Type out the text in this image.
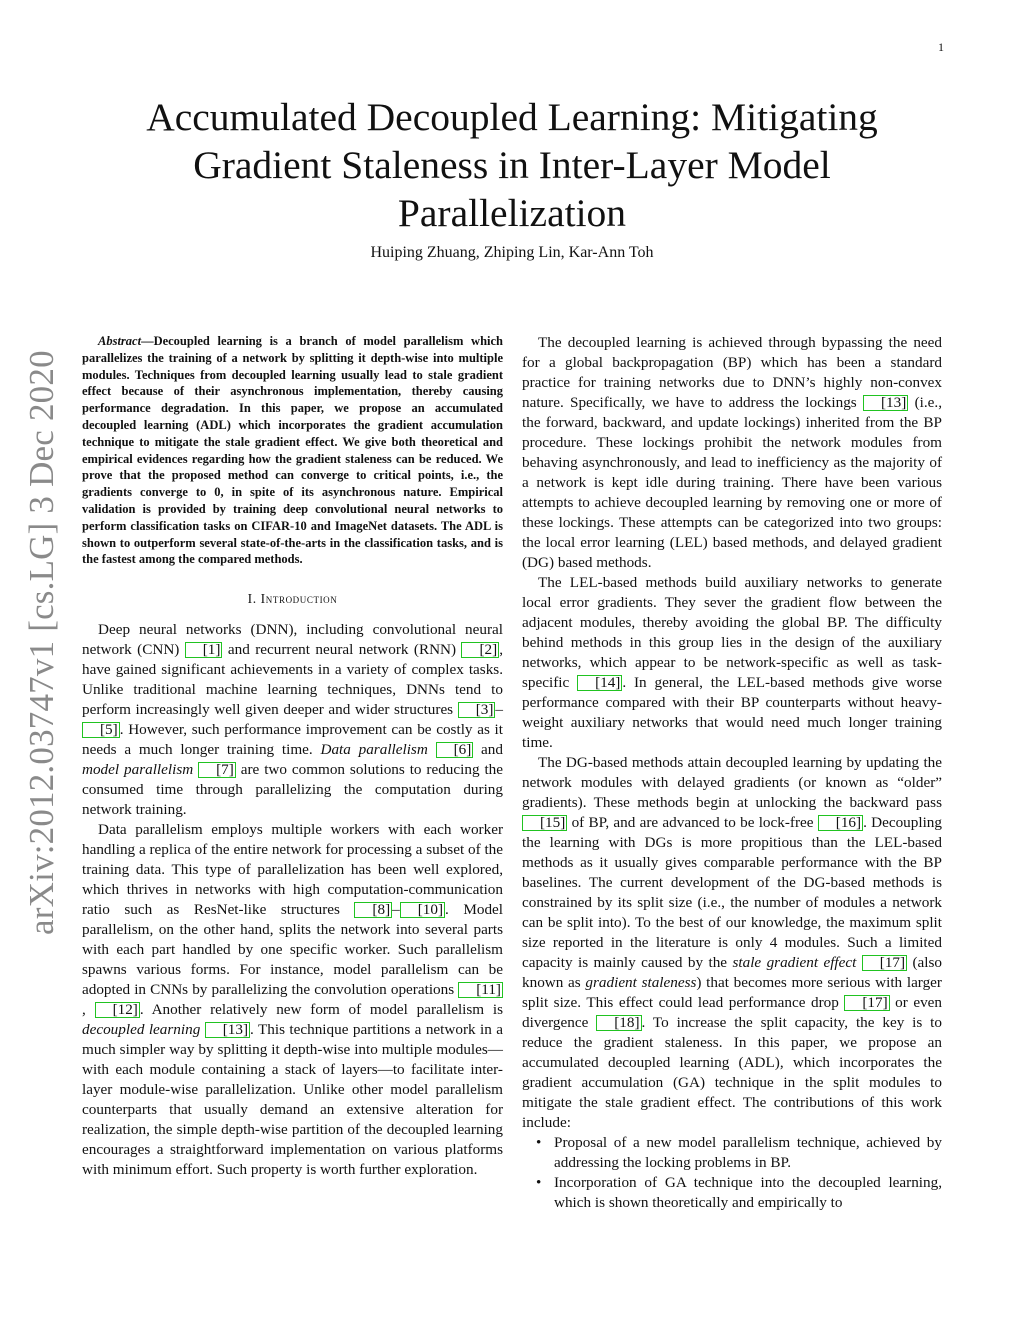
1
arXiv:2012.03747v1 [cs.LG] 3 Dec 2020
Accumulated Decoupled Learning: Mitigating Gradient Staleness in Inter-Layer Model Parallelization
Huiping Zhuang, Zhiping Lin, Kar-Ann Toh

Abstract—Decoupled learning is a branch of model parallelism which parallelizes the training of a network by splitting it depth-wise into multiple modules. Techniques from decoupled learning usually lead to stale gradient effect because of their asynchronous implementation, thereby causing performance degradation. In this paper, we propose an accumulated decoupled learning (ADL) which incorporates the gradient accumulation technique to mitigate the stale gradient effect. We give both theoretical and empirical evidences regarding how the gradient staleness can be reduced. We prove that the proposed method can converge to critical points, i.e., the gradients converge to 0, in spite of its asynchronous nature. Empirical validation is provided by training deep convolutional neural networks to perform classification tasks on CIFAR-10 and ImageNet datasets. The ADL is shown to outperform several state-of-the-arts in the classification tasks, and is the fastest among the compared methods.

I. Introduction

Deep neural networks (DNN), including convolutional neural network (CNN) [1] and recurrent neural network (RNN) [2] , have gained significant achievements in a variety of complex tasks. Unlike traditional machine learning techniques, DNNs tend to perform increasingly well given deeper and wider structures [3] –[5] . However, such performance improvement can be costly as it needs a much longer training time. Data parallelism [6] and model parallelism [7] are two common solutions to reducing the consumed time through parallelizing the computation during network training.

Data parallelism employs multiple workers with each worker handling a replica of the entire network for processing a subset of the training data. This type of parallelization has been well explored, which thrives in networks with high computation-communication ratio such as ResNet-like structures [8] – [10] . Model parallelism, on the other hand, splits the network into several parts with each part handled by one specific worker. Such parallelism spawns various forms. For instance, model parallelism can be adopted in CNNs by parallelizing the convolution operations [11], [12] . Another relatively new form of model parallelism is decoupled learning [13] . This technique partitions a network in a much simpler way by splitting it depth-wise into multiple modules—with each module containing a stack of layers—to facilitate inter-layer module-wise parallelization. Unlike other model parallelism counterparts that usually demand an extensive alteration for realization, the simple depth-wise partition of the decoupled learning encourages a straightforward implementation on various platforms with minimum effort. Such property is worth further exploration.

The decoupled learning is achieved through bypassing the need for a global backpropagation (BP) which has been a standard practice for training networks due to DNN’s highly non-convex nature. Specifically, we have to address the lockings [13] (i.e., the forward, backward, and update lockings) inherited from the BP procedure. These lockings prohibit the network modules from behaving asynchronously, and lead to inefficiency as the majority of a network is kept idle during training. There have been various attempts to achieve decoupled learning by removing one or more of these lockings. These attempts can be categorized into two groups: the local error learning (LEL) based methods, and delayed gradient (DG) based methods.

The LEL-based methods build auxiliary networks to generate local error gradients. They sever the gradient flow between the adjacent modules, thereby avoiding the global BP. The difficulty behind methods in this group lies in the design of the auxiliary networks, which appear to be network-specific as well as task-specific [14] . In general, the LEL-based methods give worse performance compared with their BP counterparts without heavy-weight auxiliary networks that would need much longer training time.

The DG-based methods attain decoupled learning by updating the network modules with delayed gradients (or known as “older” gradients). These methods begin at unlocking the backward pass [15] of BP, and are advanced to be lock-free [16] . Decoupling the learning with DGs is more propitious than the LEL-based methods as it usually gives comparable performance with the BP baselines. The current development of the DG-based methods is constrained by its split size (i.e., the number of modules a network can be split into). To the best of our knowledge, the maximum split size reported in the literature is only 4 modules. Such a limited capacity is mainly caused by the stale gradient effect [17] (also known as gradient staleness) that becomes more serious with larger split size. This effect could lead performance drop [17] or even divergence [18] . To increase the split capacity, the key is to reduce the gradient staleness. In this paper, we propose an accumulated decoupled learning (ADL), which incorporates the gradient accumulation (GA) technique in the split modules to mitigate the stale gradient effect. The contributions of this work include:

• Proposal of a new model parallelism technique, achieved by addressing the locking problems in BP.
• Incorporation of GA technique into the decoupled learning, which is shown theoretically and empirically to
